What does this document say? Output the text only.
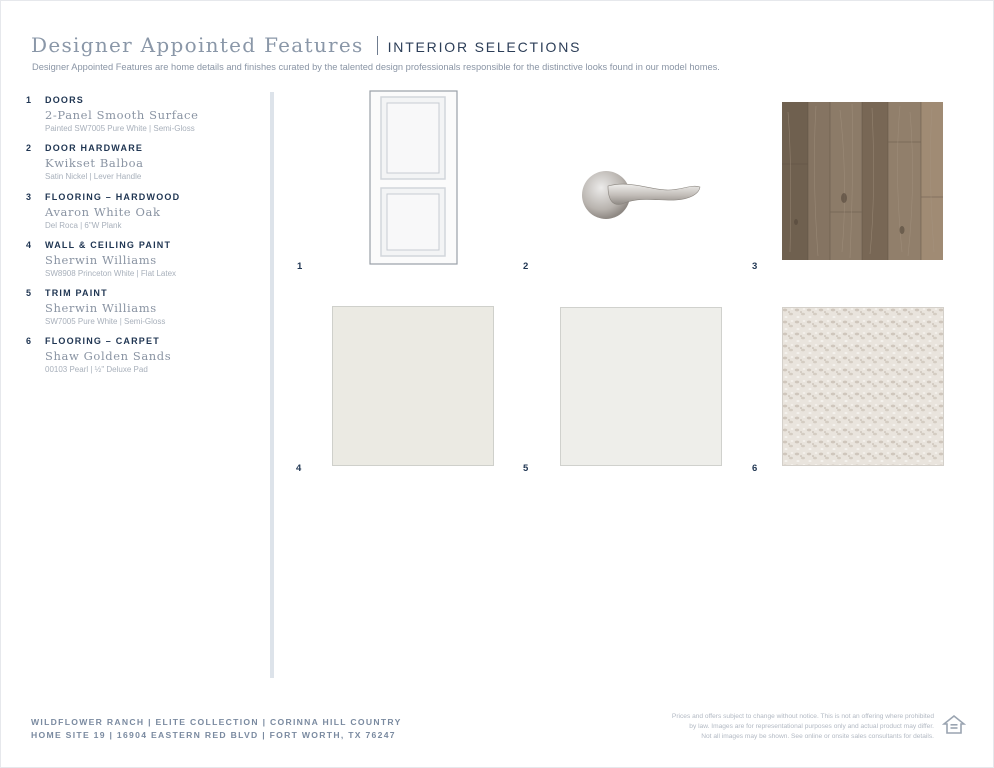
Designer Appointed Features INTERIOR SELECTIONS
Designer Appointed Features are home details and finishes curated by the talented design professionals responsible for the distinctive looks found in our model homes.
1 DOORS
2-Panel Smooth Surface
Painted SW7005 Pure White | Semi-Gloss
2 DOOR HARDWARE
Kwikset Balboa
Satin Nickel | Lever Handle
3 FLOORING – HARDWOOD
Avaron White Oak
Del Roca | 6"W Plank
4 WALL & CEILING PAINT
Sherwin Williams
SW8908 Princeton White | Flat Latex
5 TRIM PAINT
Sherwin Williams
SW7005 Pure White | Semi-Gloss
6 FLOORING – CARPET
Shaw Golden Sands
00103 Pearl | ½" Deluxe Pad
1	2	3
4	5	6
WILDFLOWER RANCH | ELITE COLLECTION | CORINNA HILL COUNTRY
HOME SITE 19 | 16904 EASTERN RED BLVD | FORT WORTH, TX 76247
Prices and offers subject to change without notice. This is not an offering where prohibited
by law. Images are for representational purposes only and actual product may differ.
Not all images may be shown. See online or onsite sales consultants for details.
